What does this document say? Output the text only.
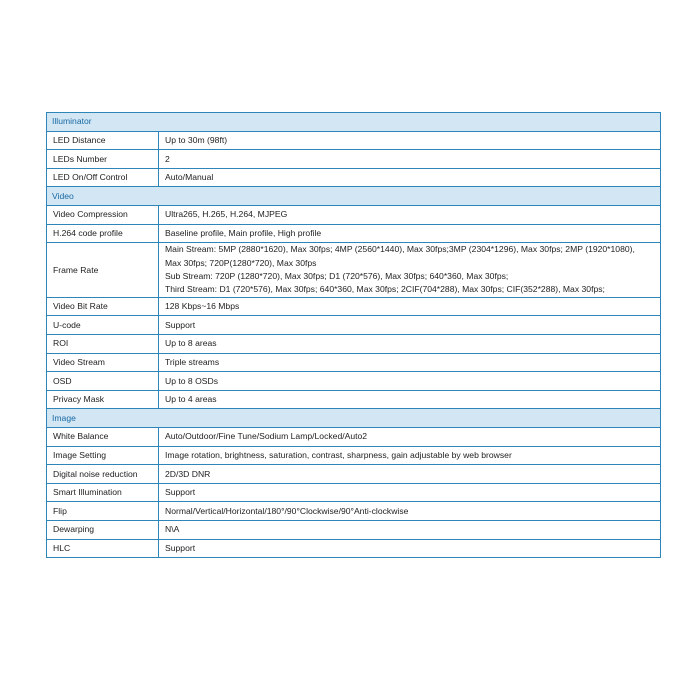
Illuminator	
LED Distance	Up to 30m (98ft)
LEDs Number	2
LED On/Off Control	Auto/Manual
Video	
Video Compression	Ultra265, H.265, H.264, MJPEG
H.264 code profile	Baseline profile, Main profile, High profile
Frame Rate	Main Stream: 5MP (2880*1620), Max 30fps; 4MP (2560*1440), Max 30fps;3MP (2304*1296), Max 30fps; 2MP (1920*1080),
Max 30fps; 720P(1280*720), Max 30fps
Sub Stream: 720P (1280*720), Max 30fps; D1 (720*576), Max 30fps; 640*360, Max 30fps;
Third Stream: D1 (720*576), Max 30fps; 640*360, Max 30fps; 2CIF(704*288), Max 30fps; CIF(352*288), Max 30fps;

Video Bit Rate	128 Kbps~16 Mbps
U-code	Support
ROI	Up to 8 areas
Video Stream	Triple streams
OSD	Up to 8 OSDs
Privacy Mask	Up to 4 areas
Image	
White Balance	Auto/Outdoor/Fine Tune/Sodium Lamp/Locked/Auto2
Image Setting	Image rotation, brightness, saturation, contrast, sharpness, gain adjustable by web browser
Digital noise reduction	2D/3D DNR
Smart Illumination	Support
Flip	Normal/Vertical/Horizontal/180°/90°Clockwise/90°Anti-clockwise
Dewarping	N\A
HLC	Support
